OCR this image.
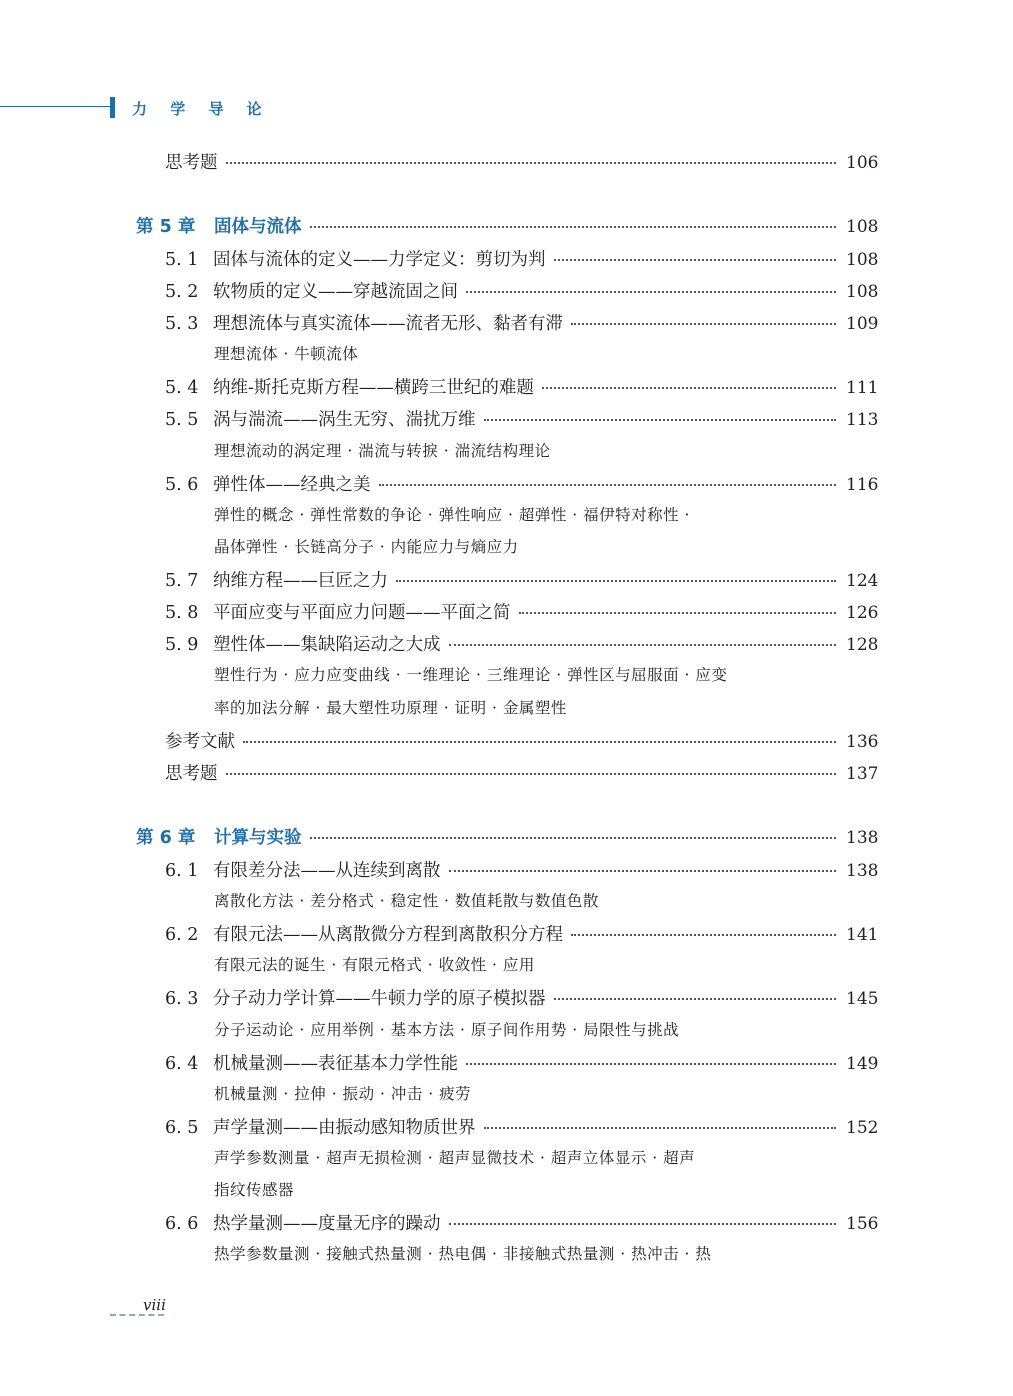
力 学 导 论
思考题	106
第 5 章	固体与流体	108
5. 1 固体与流体的定义——力学定义：剪切为判	108
5. 2 软物质的定义——穿越流固之间	108
5. 3 理想流体与真实流体——流者无形、黏者有滞	109
理想流体 · 牛顿流体
5. 4 纳维-斯托克斯方程——横跨三世纪的难题	111
5. 5 涡与湍流——涡生无穷、湍扰万维	113
理想流动的涡定理 · 湍流与转捩 · 湍流结构理论
5. 6 弹性体——经典之美	116
弹性的概念 · 弹性常数的争论 · 弹性响应 · 超弹性 · 福伊特对称性 ·
晶体弹性 · 长链高分子 · 内能应力与熵应力
5. 7 纳维方程——巨匠之力	124
5. 8 平面应变与平面应力问题——平面之简	126
5. 9 塑性体——集缺陷运动之大成	128
塑性行为 · 应力应变曲线 · 一维理论 · 三维理论 · 弹性区与屈服面 · 应变
率的加法分解 · 最大塑性功原理 · 证明 · 金属塑性
参考文献	136
思考题	137
第 6 章	计算与实验	138
6. 1 有限差分法——从连续到离散	138
离散化方法 · 差分格式 · 稳定性 · 数值耗散与数值色散
6. 2 有限元法——从离散微分方程到离散积分方程	141
有限元法的诞生 · 有限元格式 · 收敛性 · 应用
6. 3 分子动力学计算——牛顿力学的原子模拟器	145
分子运动论 · 应用举例 · 基本方法 · 原子间作用势 · 局限性与挑战
6. 4 机械量测——表征基本力学性能	149
机械量测 · 拉伸 · 振动 · 冲击 · 疲劳
6. 5 声学量测——由振动感知物质世界	152
声学参数测量 · 超声无损检测 · 超声显微技术 · 超声立体显示 · 超声
指纹传感器
6. 6 热学量测——度量无序的躁动	156
热学参数量测 · 接触式热量测 · 热电偶 · 非接触式热量测 · 热冲击 · 热
viii
